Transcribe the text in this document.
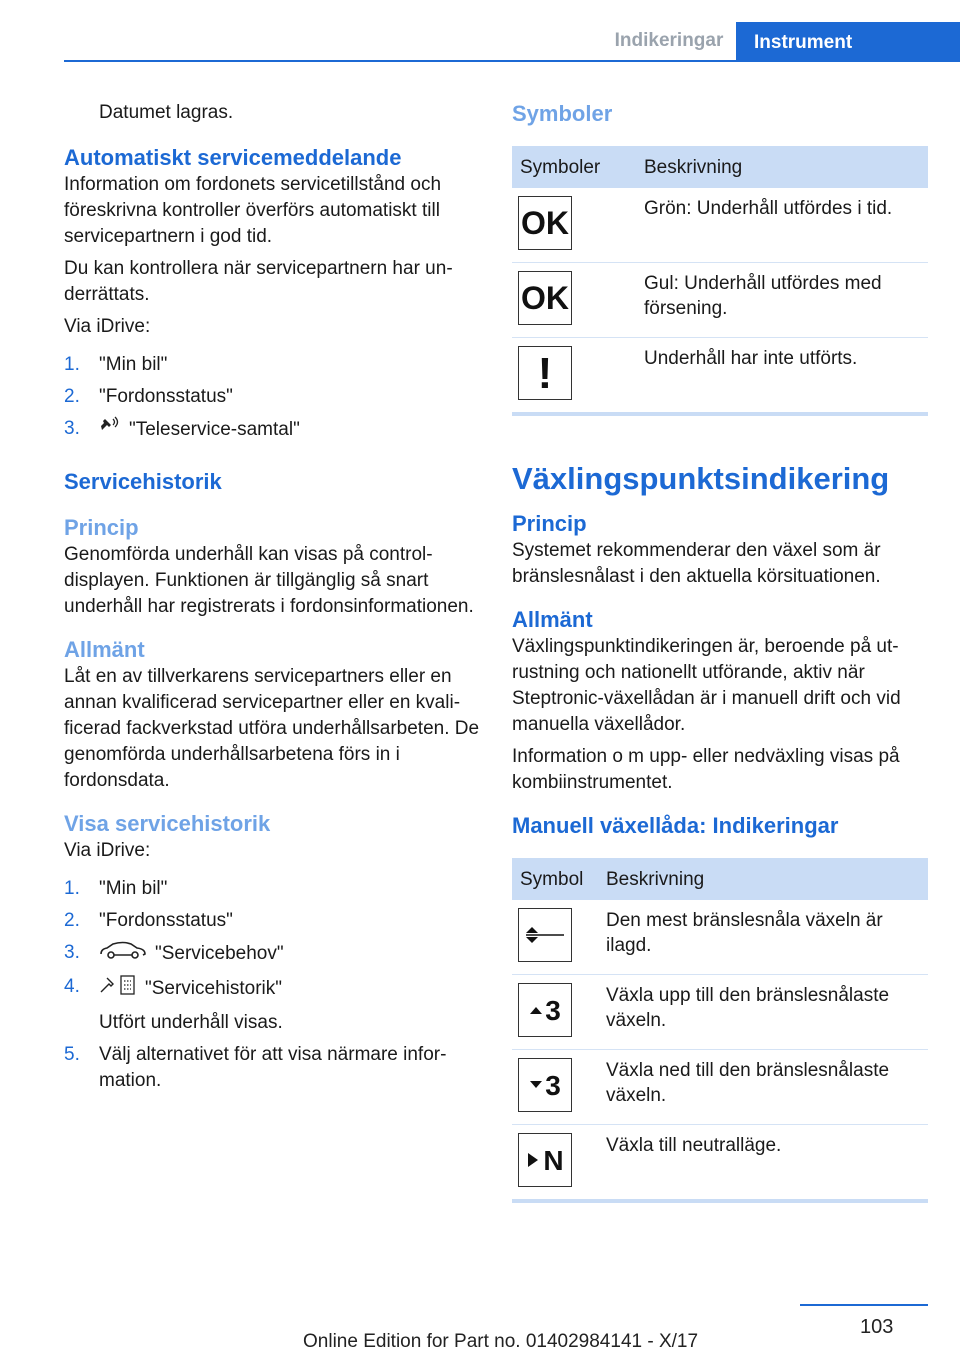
Indikeringar	Instrument

Datumet lagras.

Automatiskt servicemeddelande

Information om fordonets servicetillstånd och föreskrivna kontroller överförs automatiskt till servicepartnern i god tid.

Du kan kontrollera när servicepartnern har underrättats.

Via iDrive:

1. "Min bil"
2. "Fordonsstatus"
3.	"Teleservice-samtal"
Servicehistorik
Princip

Genomförda underhåll kan visas på controldisplayen. Funktionen är tillgänglig så snart underhåll har registrerats i fordonsinformationen.

Allmänt

Låt en av tillverkarens servicepartners eller en annan kvalificerad servicepartner eller en kvalificerad fackverkstad utföra underhållsarbeten. De genomförda underhållsarbetena förs in i fordonsdata.

Visa servicehistorik

Via iDrive:

1. "Min bil"
2. "Fordonsstatus"
3.	"Servicebehov"
4.	"Servicehistorik"
Utfört underhåll visas.
5. Välj alternativet för att visa närmare information.
Symboler
Symboler	Beskrivning

OK	Grön: Underhåll utfördes i tid.

OK	Gul: Underhåll utfördes med försening.

!	Underhåll har inte utförts.
Växlingspunktsindikering
Princip

Systemet rekommenderar den växel som är bränslesnålast i den aktuella körsituationen.

Allmänt

Växlingspunktindikeringen är, beroende på utrustning och nationellt utförande, aktiv när Steptronic-växellådan är i manuell drift och vid manuella växellådor.

Information o m upp- eller nedväxling visas på kombiinstrumentet.

Manuell växellåda: Indikeringar
Symbol	Beskrivning

	Den mest bränslesnåla växeln är ilagd.

3	Växla upp till den bränslesnålaste växeln.

3	Växla ned till den bränslesnålaste växeln.

N	Växla till neutralläge.
103
Online Edition for Part no. 01402984141 - X/17
